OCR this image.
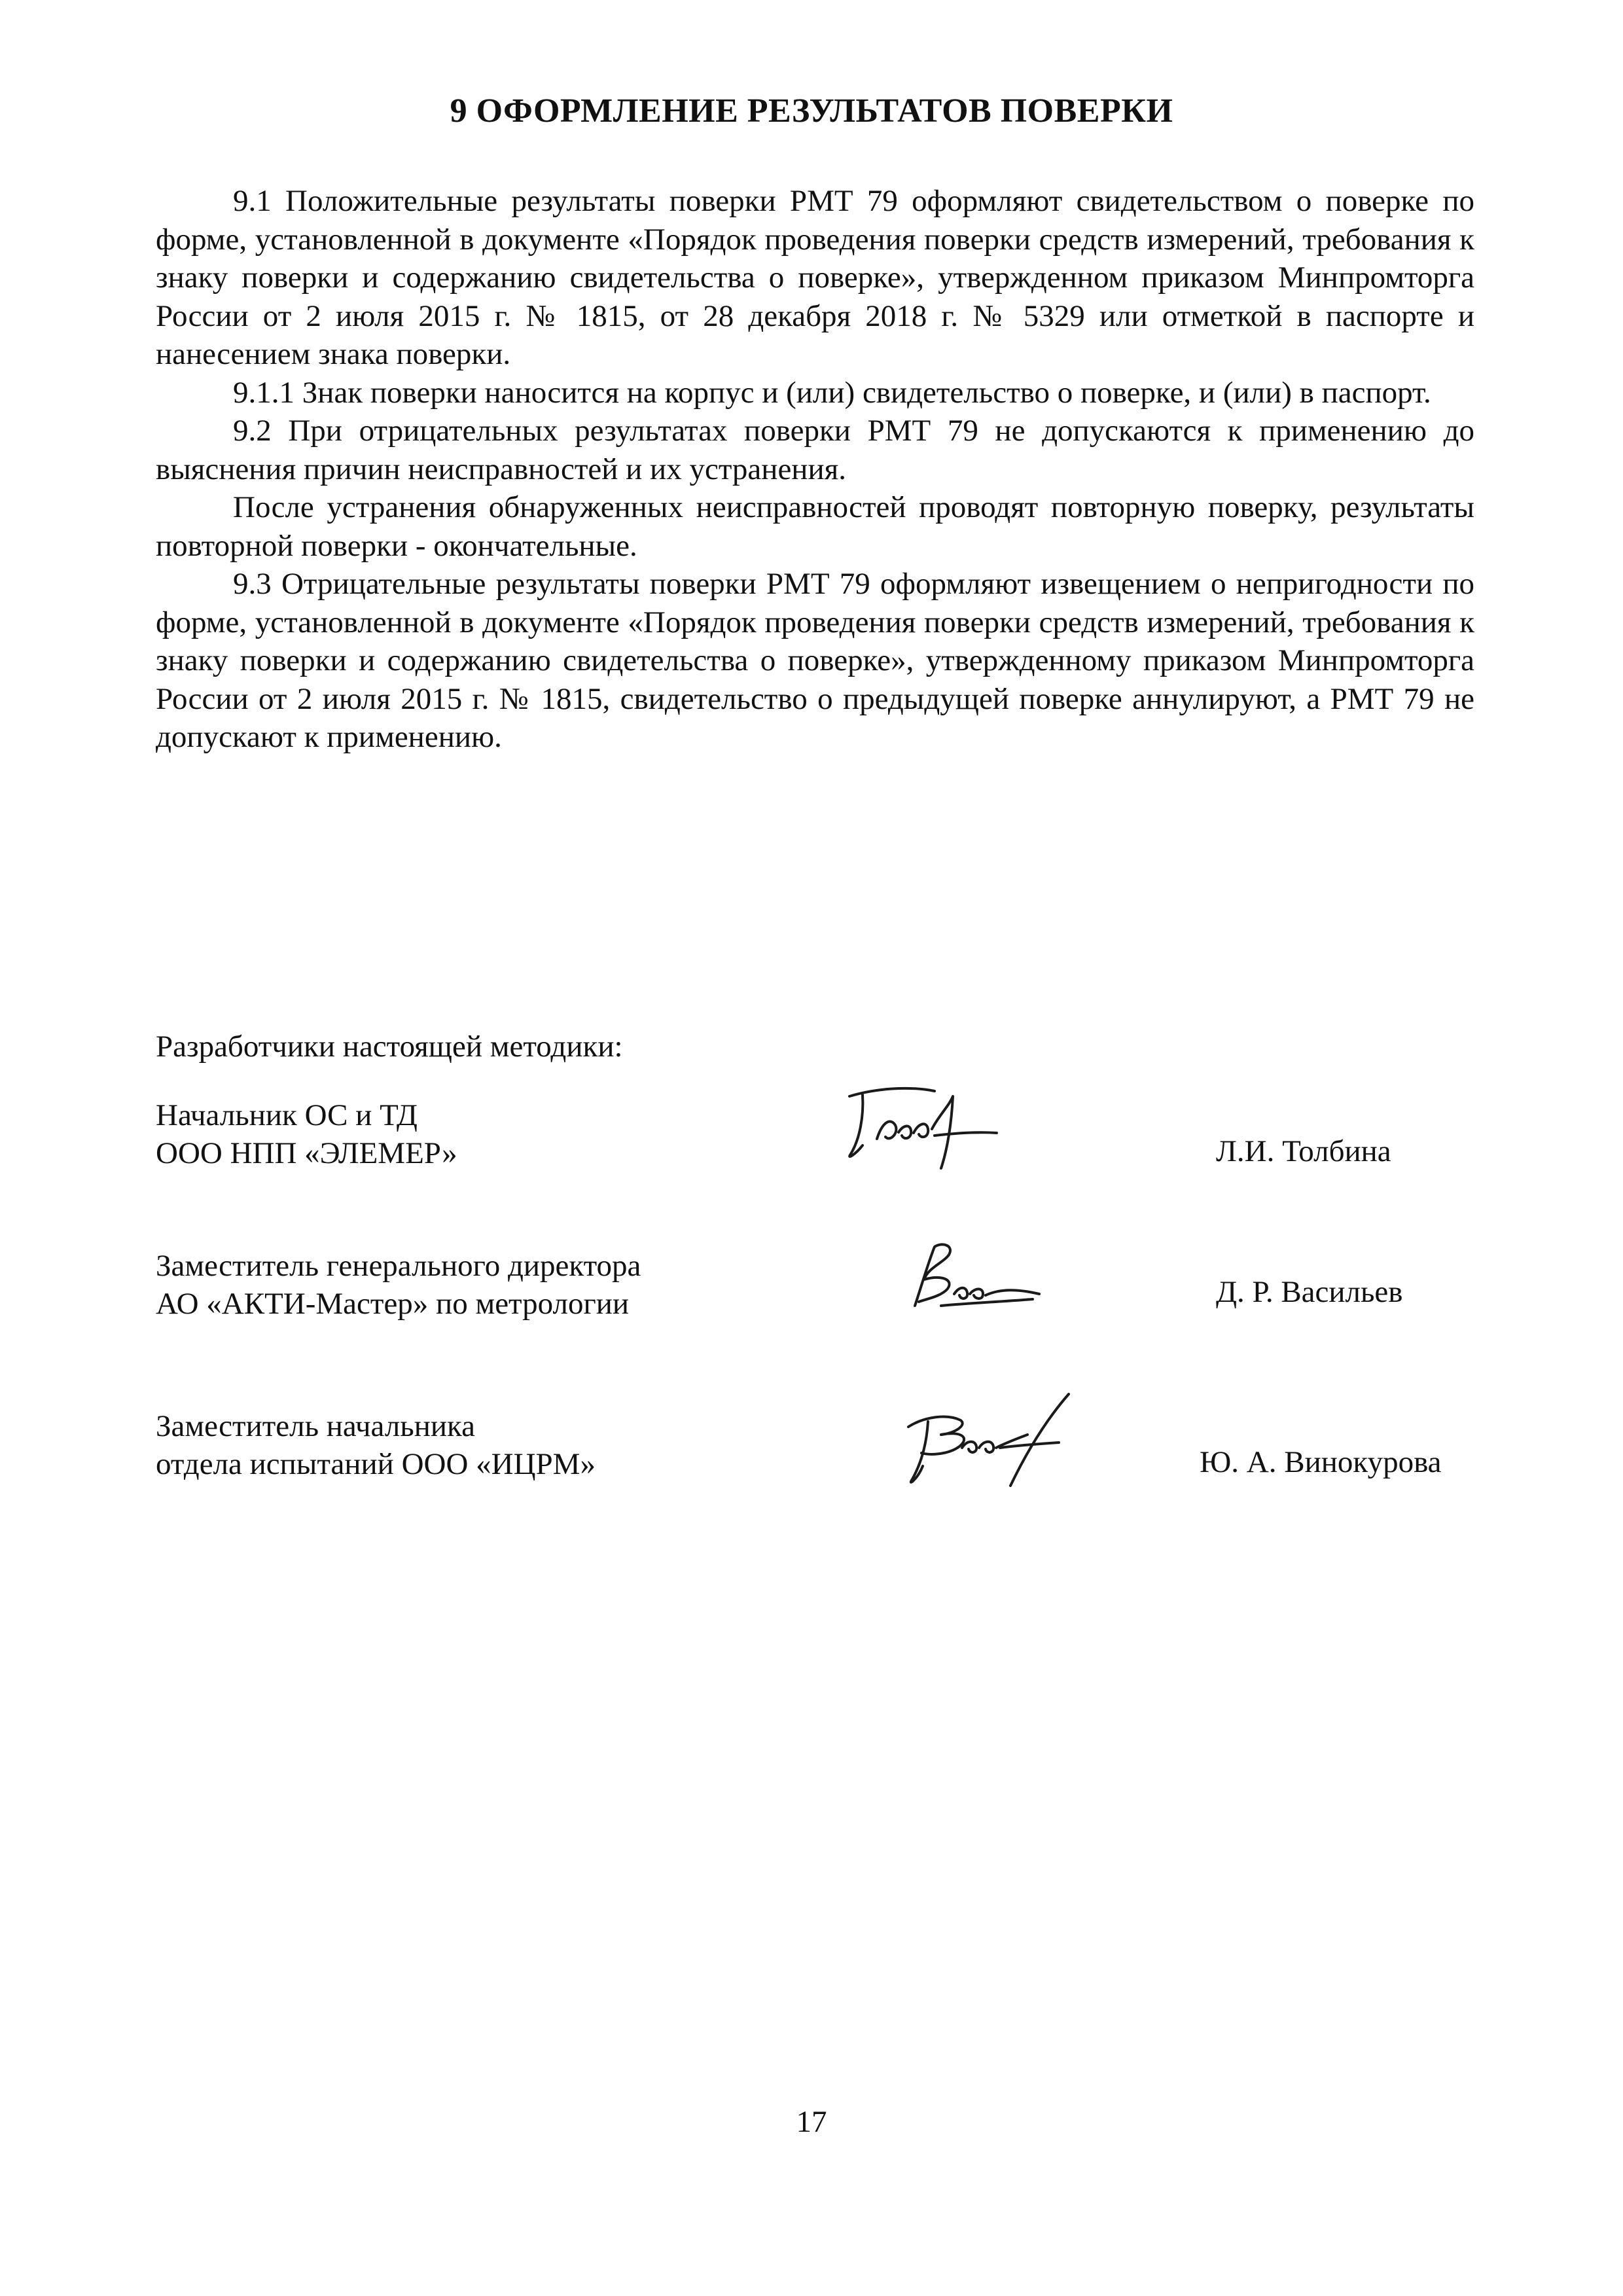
9 ОФОРМЛЕНИЕ РЕЗУЛЬТАТОВ ПОВЕРКИ

9.1 Положительные результаты поверки РМТ 79 оформляют свидетельством о поверке по форме, установленной в документе «Порядок проведения поверки средств измерений, требования к знаку поверки и содержанию свидетельства о поверке», утвержденном приказом Минпромторга России от 2 июля 2015 г. № 1815, от 28 декабря 2018 г. № 5329 или отметкой в паспорте и нанесением знака поверки.

9.1.1 Знак поверки наносится на корпус и (или) свидетельство о поверке, и (или) в паспорт.

9.2 При отрицательных результатах поверки РМТ 79 не допускаются к применению до выяснения причин неисправностей и их устранения.

После устранения обнаруженных неисправностей проводят повторную поверку, результаты повторной поверки - окончательные.

9.3 Отрицательные результаты поверки РМТ 79 оформляют извещением о непригодности по форме, установленной в документе «Порядок проведения поверки средств измерений, требования к знаку поверки и содержанию свидетельства о поверке», утвержденному приказом Минпромторга России от 2 июля 2015 г. № 1815, свидетельство о предыдущей поверке аннулируют, а РМТ 79 не допускают к применению.

Разработчики настоящей методики:
Начальник ОС и ТД
ООО НПП «ЭЛЕМЕР»	Л.И. Толбина
Заместитель генерального директора
АО «АКТИ-Мастер» по метрологии	Д. Р. Васильев
Заместитель начальника
отдела испытаний ООО «ИЦРМ»	Ю. А. Винокурова
17
